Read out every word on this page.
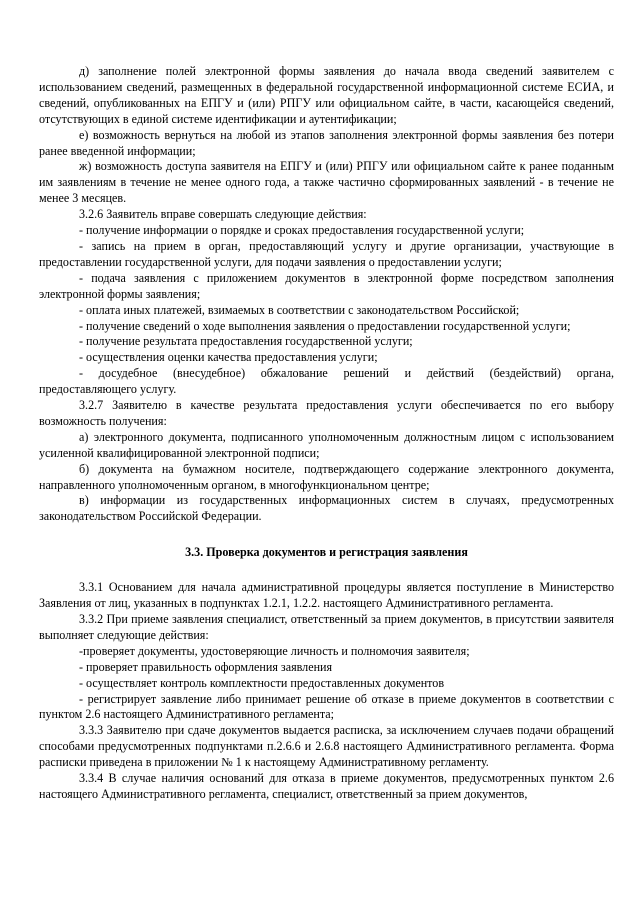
д) заполнение полей электронной формы заявления до начала ввода сведений заявителем с использованием сведений, размещенных в федеральной государственной информационной системе ЕСИА, и сведений, опубликованных на ЕПГУ и (или) РПГУ или официальном сайте, в части, касающейся сведений, отсутствующих в единой системе идентификации и аутентификации;

е) возможность вернуться на любой из этапов заполнения электронной формы заявления без потери ранее введенной информации;

ж) возможность доступа заявителя на ЕПГУ и (или) РПГУ или официальном сайте к ранее поданным им заявлениям в течение не менее одного года, а также частично сформированных заявлений - в течение не менее 3 месяцев.

3.2.6 Заявитель вправе совершать следующие действия:

- получение информации о порядке и сроках предоставления государственной услуги;

- запись на прием в орган, предоставляющий услугу и другие организации, участвующие в предоставлении государственной услуги, для подачи заявления о предоставлении услуги;

- подача заявления с приложением документов в электронной форме посредством заполнения электронной формы заявления;

- оплата иных платежей, взимаемых в соответствии с законодательством Российской;

- получение сведений о ходе выполнения заявления о предоставлении государственной услуги;

- получение результата предоставления государственной услуги;

- осуществления оценки качества предоставления услуги;

- досудебное (внесудебное) обжалование решений и действий (бездействий) органа, предоставляющего услугу.

3.2.7 Заявителю в качестве результата предоставления услуги обеспечивается по его выбору возможность получения:

а) электронного документа, подписанного уполномоченным должностным лицом с использованием усиленной квалифицированной электронной подписи;

б) документа на бумажном носителе, подтверждающего содержание электронного документа, направленного уполномоченным органом, в многофункциональном центре;

в) информации из государственных информационных систем в случаях, предусмотренных законодательством Российской Федерации.

3.3. Проверка документов и регистрация заявления

3.3.1 Основанием для начала административной процедуры является поступление в Министерство Заявления от лиц, указанных в подпунктах 1.2.1, 1.2.2. настоящего Административного регламента.

3.3.2 При приеме заявления специалист, ответственный за прием документов, в присутствии заявителя выполняет следующие действия:

-проверяет документы, удостоверяющие личность и полномочия заявителя;

- проверяет правильность оформления заявления

- осуществляет контроль комплектности предоставленных документов

- регистрирует заявление либо принимает решение об отказе в приеме документов в соответствии с пунктом 2.6 настоящего Административного регламента;

3.3.3 Заявителю при сдаче документов выдается расписка, за исключением случаев подачи обращений способами предусмотренных подпунктами п.2.6.6 и 2.6.8 настоящего Административного регламента. Форма расписки приведена в приложении № 1 к настоящему Административному регламенту.

3.3.4 В случае наличия оснований для отказа в приеме документов, предусмотренных пунктом 2.6 настоящего Административного регламента, специалист, ответственный за прием документов,
